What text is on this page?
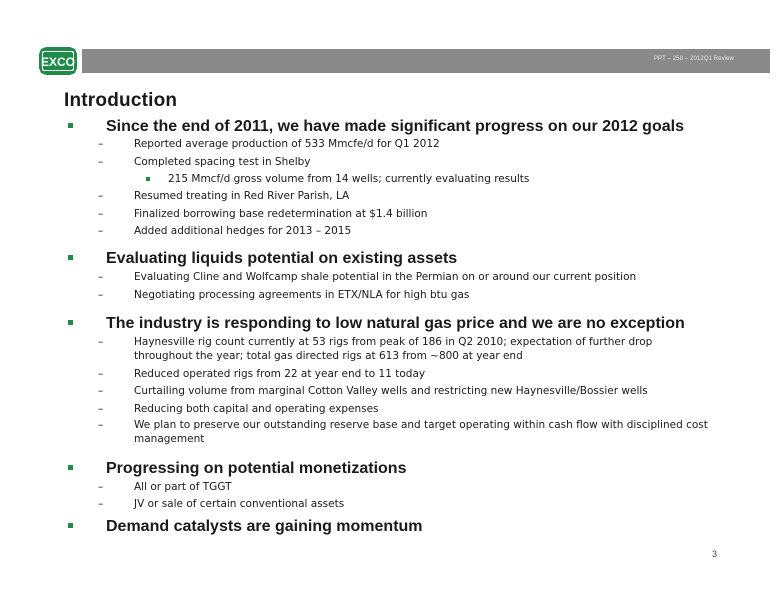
PPT – 258 – 2012Q1 Review
EXCO
Introduction
Since the end of 2011, we have made significant progress on our 2012 goals
–	Reported average production of 533 Mmcfe/d for Q1 2012
–	Completed spacing test in Shelby
215 Mmcf/d gross volume from 14 wells; currently evaluating results
–	Resumed treating in Red River Parish, LA
–	Finalized borrowing base redetermination at $1.4 billion
–	Added additional hedges for 2013 – 2015
Evaluating liquids potential on existing assets
–	Evaluating Cline and Wolfcamp shale potential in the Permian on or around our current position
–	Negotiating processing agreements in ETX/NLA for high btu gas
The industry is responding to low natural gas price and we are no exception
–	Haynesville rig count currently at 53 rigs from peak of 186 in Q2 2010; expectation of further drop throughout the year; total gas directed rigs at 613 from ~800 at year end
–	Reduced operated rigs from 22 at year end to 11 today
–	Curtailing volume from marginal Cotton Valley wells and restricting new Haynesville/Bossier wells
–	Reducing both capital and operating expenses
–	We plan to preserve our outstanding reserve base and target operating within cash flow with disciplined cost management
Progressing on potential monetizations
–	All or part of TGGT
–	JV or sale of certain conventional assets
Demand catalysts are gaining momentum
3
